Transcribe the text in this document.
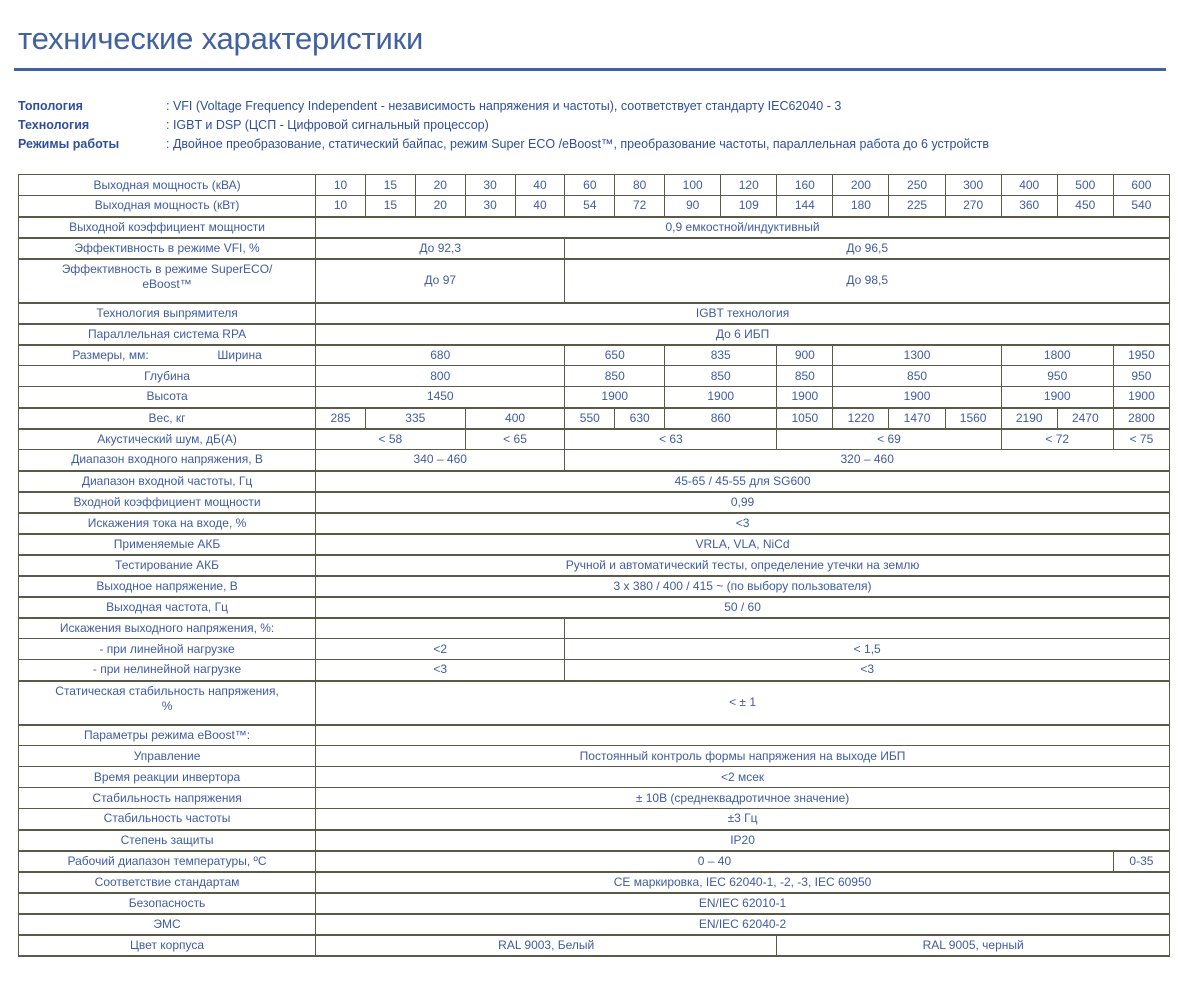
технические характеристики
Топология	: VFI (Voltage Frequency Independent - независимость напряжения и частоты), соответствует стандарту IEC62040 - 3
Технология	: IGBT и DSP (ЦСП - Цифровой сигнальный процессор)
Режимы работы	: Двойное преобразование, статический байпас, режим Super ECO /eBoost™, преобразование частоты, параллельная работа до 6 устройств
Выходная мощность (кВА)	10	15	20	30	40	60	80	100	120	160	200	250	300	400	500	600
Выходная мощность (кВт)	10	15	20	30	40	54	72	90	109	144	180	225	270	360	450	540
Выходной коэффициент мощности	0,9 емкостной/индуктивный															
Эффективность в режиме VFI, %	До 92,3					До 96,5										

Эффективность в режиме SuperECO/
eBoost™	До 97					До 98,5										
Технология выпрямителя	IGBT технология															
Параллельная система RPA	До 6 ИБП															
Размеры, мм: Ширина	680					650		835		900	1300			1800		1950
Глубина	800					850		850		850	850			950		950
Высота	1450					1900		1900		1900	1900			1900		1900
Вес, кг	285	335		400		550	630	860		1050	1220	1470	1560	2190	2470	2800
Акустический шум, дБ(А)	< 58			< 65		< 63				< 69				< 72		< 75
Диапазон входного напряжения, В	340 – 460					320 – 460										
Диапазон входной частоты, Гц	45-65 / 45-55 для SG600															
Входной коэффициент мощности	0,99															
Искажения тока на входе, %	<3															
Применяемые АКБ	VRLA, VLA, NiCd															
Тестирование АКБ	Ручной и автоматический тесты, определение утечки на землю															
Выходное напряжение, В	3 x 380 / 400 / 415 ~ (по выбору пользователя)															
Выходная частота, Гц	50 / 60															
Искажения выходного напряжения, %:																
- при линейной нагрузке	<2					< 1,5										
- при нелинейной нагрузке	<3					<3										

Статическая стабильность напряжения,
%	< ± 1															
Параметры режима eBoost™:																
Управление	Постоянный контроль формы напряжения на выходе ИБП															
Время реакции инвертора	<2 мсек															
Стабильность напряжения	± 10В (среднеквадротичное значение)															
Стабильность частоты	±3 Гц															
Степень защиты	IP20															
Рабочий диапазон температуры, ºС	0 – 40															0-35
Соответствие стандартам	CE маркировка, IEC 62040-1, -2, -3, IEC 60950															
Безопасность	EN/IEC 62010-1															
ЭМС	EN/IEC 62040-2															
Цвет корпуса	RAL 9003, Белый									RAL 9005, черный						
